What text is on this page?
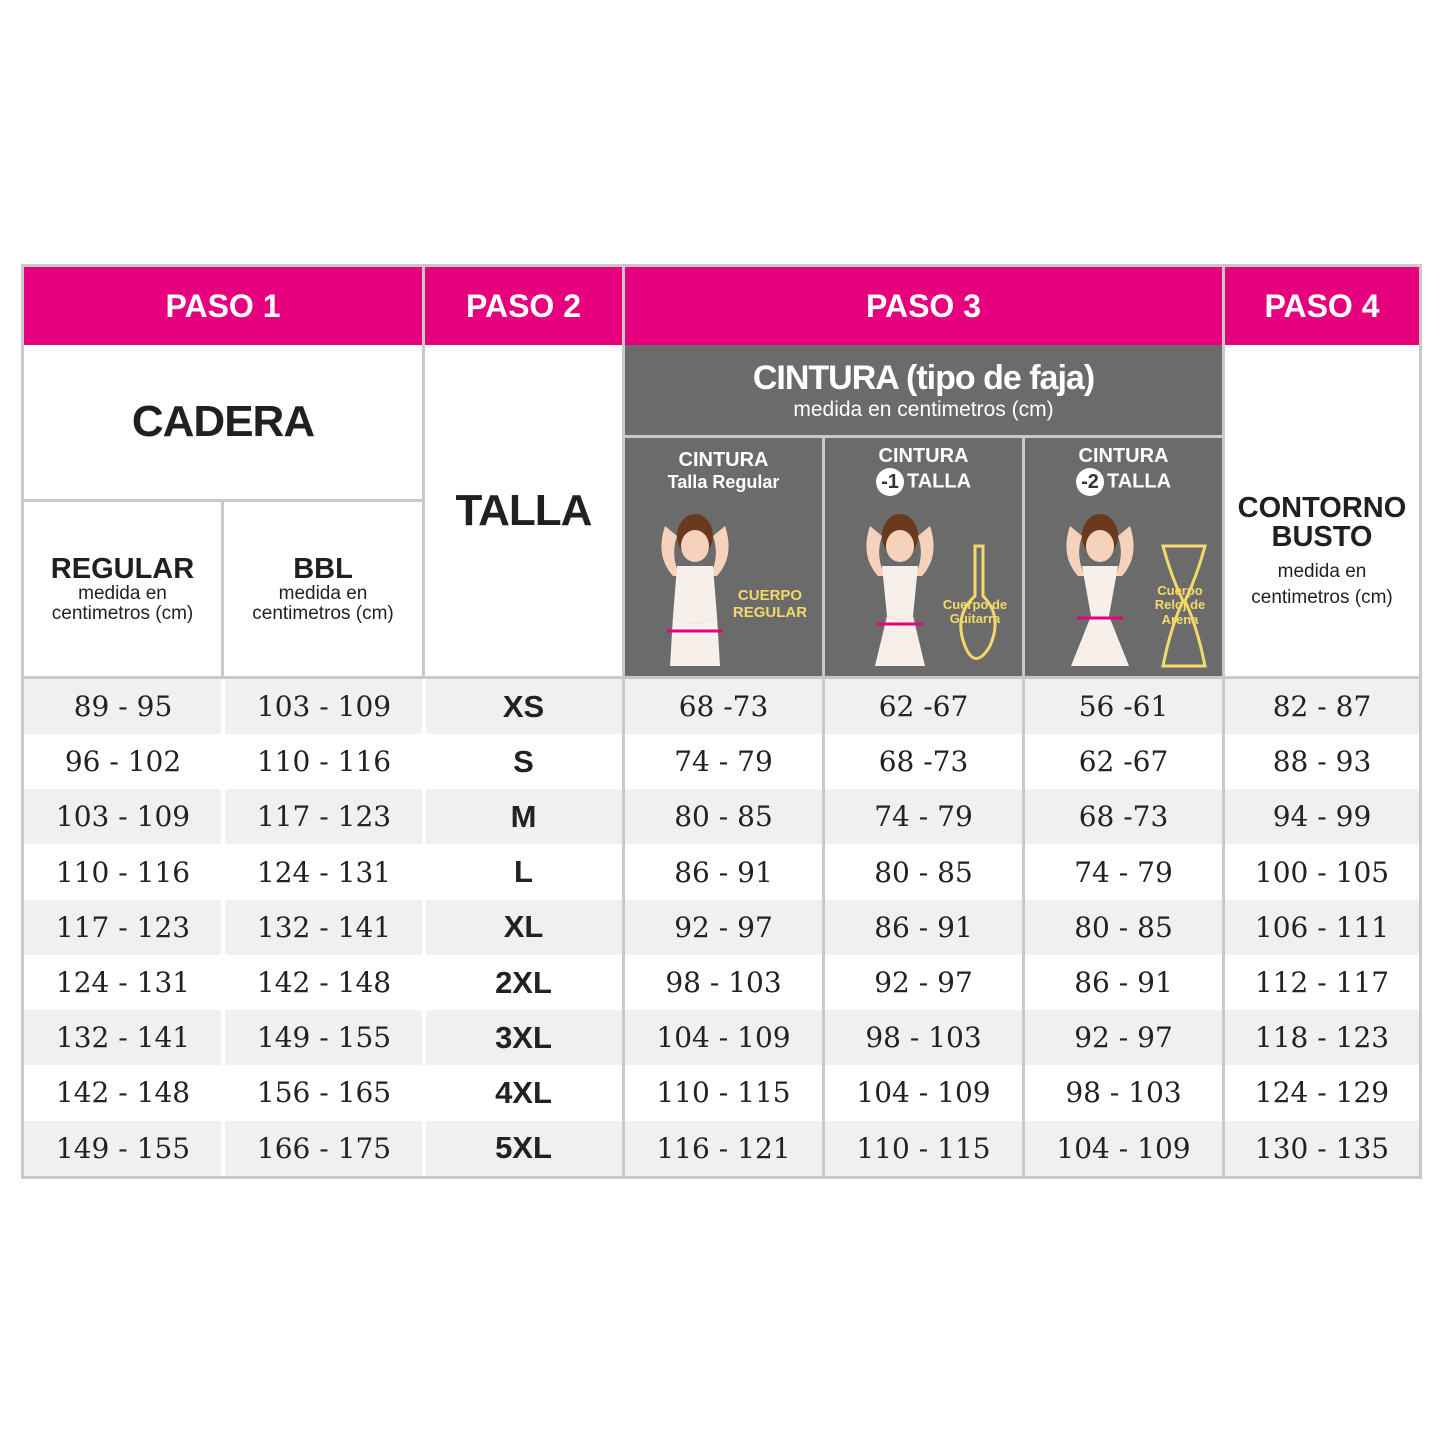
PASO 1	PASO 2	PASO 3	PASO 4
CADERA
REGULAR
medida en
centimetros (cm)
BBL
medida en
centimetros (cm)
TALLA
CINTURA (tipo de faja)
medida en centimetros (cm)
CINTURA
Talla Regular
CUERPO REGULAR
CINTURA
-1 TALLA
Cuerpo de Guitarra
CINTURA
-2 TALLA
Cuerpo Reloj de Arena
CONTORNO
BUSTO
medida en
centimetros (cm)
89 - 95	103 - 109	XS	68 -73	62 -67	56 -61	82 - 87
96 - 102	110 - 116	S	74 - 79	68 -73	62 -67	88 - 93
103 - 109	117 - 123	M	80 - 85	74 - 79	68 -73	94 - 99
110 - 116	124 - 131	L	86 - 91	80 - 85	74 - 79	100 - 105
117 - 123	132 - 141	XL	92 - 97	86 - 91	80 - 85	106 - 111
124 - 131	142 - 148	2XL	98 - 103	92 - 97	86 - 91	112 - 117
132 - 141	149 - 155	3XL	104 - 109	98 - 103	92 - 97	118 - 123
142 - 148	156 - 165	4XL	110 - 115	104 - 109	98 - 103	124 - 129
149 - 155	166 - 175	5XL	116 - 121	110 - 115	104 - 109	130 - 135
